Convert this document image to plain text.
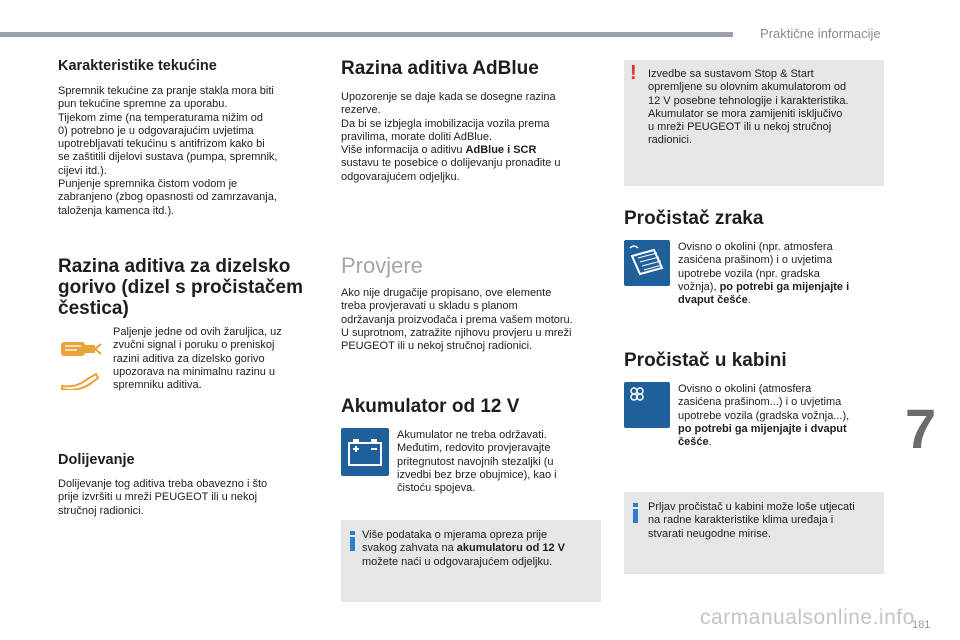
Praktične informacije
Karakteristike tekućine
Spremnik tekućine za pranje stakla mora biti
pun tekućine spremne za uporabu.
Tijekom zime (na temperaturama nižim od
0) potrebno je u odgovarajućim uvjetima
upotrebljavati tekućinu s antifrizom kako bi
se zaštitili dijelovi sustava (pumpa, spremnik,
cijevi itd.).
Punjenje spremnika čistom vodom je
zabranjeno (zbog opasnosti od zamrzavanja,
taloženja kamenca itd.).
Razina aditiva za dizelsko
gorivo (dizel s pročistačem
čestica)
Paljenje jedne od ovih žaruljica, uz
zvučni signal i poruku o preniskoj
razini aditiva za dizelsko gorivo
upozorava na minimalnu razinu u
spremniku aditiva.
Dolijevanje
Dolijevanje tog aditiva treba obavezno i što
prije izvršiti u mreži PEUGEOT ili u nekoj
stručnoj radionici.
Razina aditiva AdBlue
Upozorenje se daje kada se dosegne razina
rezerve.
Da bi se izbjegla imobilizacija vozila prema
pravilima, morate doliti AdBlue.
Više informacija o aditivu AdBlue i SCR
sustavu te posebice o dolijevanju pronađite u
odgovarajućem odjeljku.
Provjere
Ako nije drugačije propisano, ove elemente
treba provjeravati u skladu s planom
održavanja proizvođača i prema vašem motoru.
U suprotnom, zatražite njihovu provjeru u mreži
PEUGEOT ili u nekoj stručnoj radionici.
Akumulator od 12 V
Akumulator ne treba održavati.
Međutim, redovito provjeravajte
pritegnutost navojnih stezaljki (u
izvedbi bez brze obujmice), kao i
čistoću spojeva.
Više podataka o mjerama opreza prije
svakog zahvata na akumulatoru od 12 V
možete naći u odgovarajućem odjeljku.
! Izvedbe sa sustavom Stop & Start
opremljene su olovnim akumulatorom od
12 V posebne tehnologije i karakteristika.
Akumulator se mora zamijeniti isključivo
u mreži PEUGEOT ili u nekoj stručnoj
radionici.
Pročistač zraka
Ovisno o okolini (npr. atmosfera
zasićena prašinom) i o uvjetima
upotrebe vozila (npr. gradska
vožnja), po potrebi ga mijenjajte i
dvaput češće.
Pročistač u kabini
Ovisno o okolini (atmosfera
zasićena prašinom...) i o uvjetima
upotrebe vozila (gradska vožnja...),
po potrebi ga mijenjajte i dvaput
češće.
Prljav pročistač u kabini može loše utjecati
na radne karakteristike klima uređaja i
stvarati neugodne mirise.
7
carmanualsonline.info
181
